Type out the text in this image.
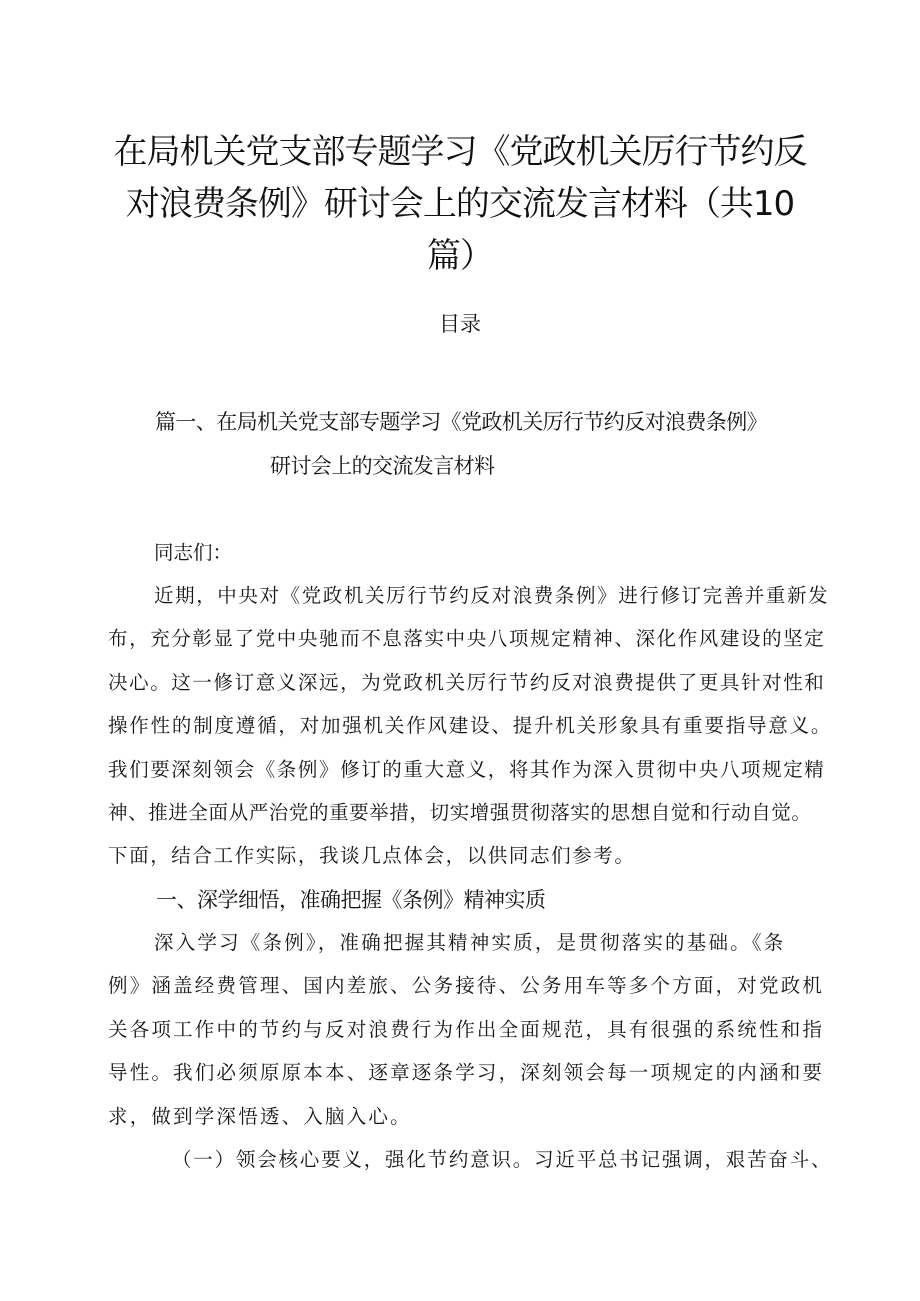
在局机关党支部专题学习《党政机关厉行节约反
对浪费条例》研讨会上的交流发言材料（共10
篇）
目录
篇一、在局机关党支部专题学习《党政机关厉行节约反对浪费条例》
研讨会上的交流发言材料
同志们：
近期，中央对《党政机关厉行节约反对浪费条例》进行修订完善并重新发
布，充分彰显了党中央驰而不息落实中央八项规定精神、深化作风建设的坚定
决心。这一修订意义深远，为党政机关厉行节约反对浪费提供了更具针对性和
操作性的制度遵循，对加强机关作风建设、提升机关形象具有重要指导意义。
我们要深刻领会《条例》修订的重大意义，将其作为深入贯彻中央八项规定精
神、推进全面从严治党的重要举措，切实增强贯彻落实的思想自觉和行动自觉。
下面，结合工作实际，我谈几点体会，以供同志们参考。
一、深学细悟，准确把握《条例》精神实质
深入学习《条例》，准确把握其精神实质，是贯彻落实的基础。《条
例》涵盖经费管理、国内差旅、公务接待、公务用车等多个方面，对党政机
关各项工作中的节约与反对浪费行为作出全面规范，具有很强的系统性和指
导性。我们必须原原本本、逐章逐条学习，深刻领会每一项规定的内涵和要
求，做到学深悟透、入脑入心。
（一）领会核心要义，强化节约意识。习近平总书记强调，艰苦奋斗、
